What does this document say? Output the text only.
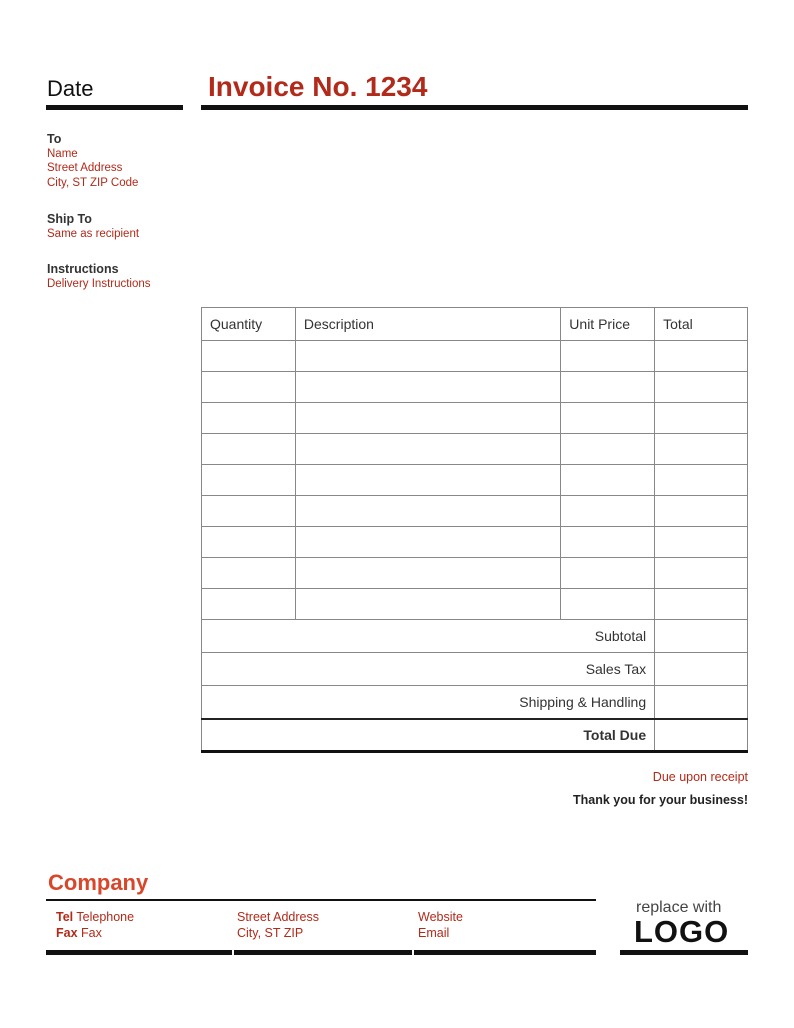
Date	Invoice No. 1234
To
Name
Street Address
City, ST ZIP Code
Ship To
Same as recipient
Instructions
Delivery Instructions
Quantity	Description	Unit Price	Total

Subtotal			
Sales Tax			
Shipping & Handling			
Total Due			
Due upon receipt
Thank you for your business!
Company
Tel Telephone
Fax Fax
Street Address
City, ST ZIP
Website
Email
replace with
LOGO
